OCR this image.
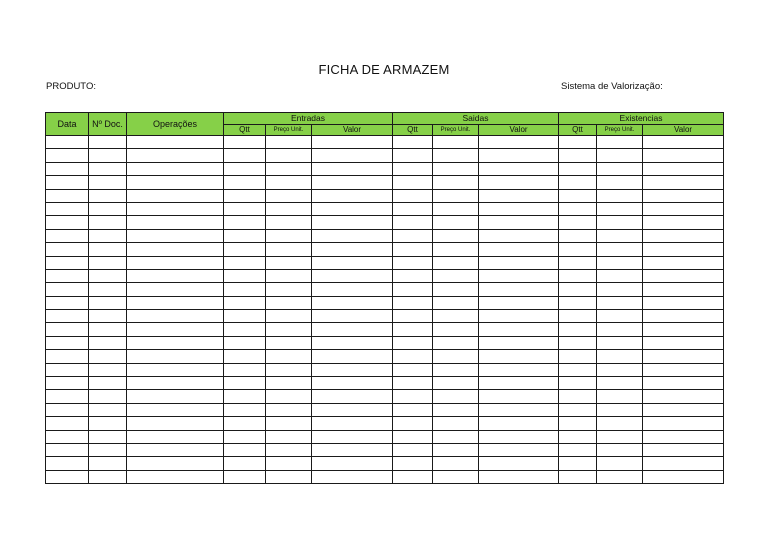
FICHA DE ARMAZEM
PRODUTO:	Sistema de Valorização:
Data	Nº Doc.	Operações	Entradas			Saidas			Existencias		
			Qtt	Preço Unit.	Valor	Qtt	Preço Unit.	Valor	Qtt	Preço Unit.	Valor
